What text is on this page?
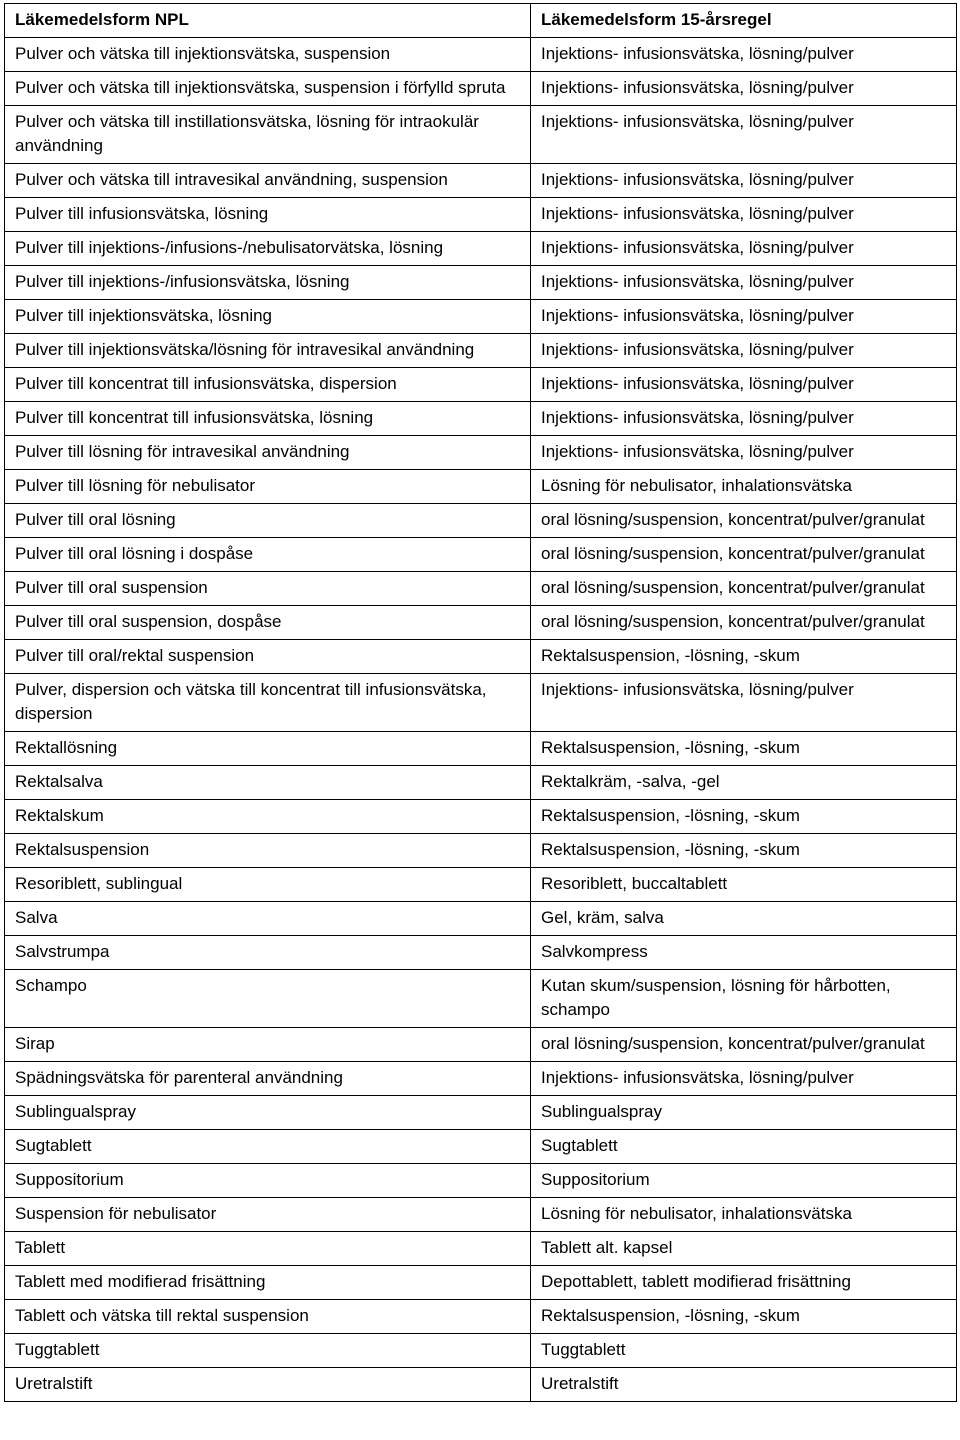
Läkemedelsform NPL	Läkemedelsform 15-årsregel

Pulver och vätska till injektionsvätska, suspension	Injektions- infusionsvätska, lösning/pulver
Pulver och vätska till injektionsvätska, suspension i förfylld spruta	Injektions- infusionsvätska, lösning/pulver
Pulver och vätska till instillationsvätska, lösning för intraokulär användning	Injektions- infusionsvätska, lösning/pulver
Pulver och vätska till intravesikal användning, suspension	Injektions- infusionsvätska, lösning/pulver
Pulver till infusionsvätska, lösning	Injektions- infusionsvätska, lösning/pulver
Pulver till injektions-/infusions-/nebulisatorvätska, lösning	Injektions- infusionsvätska, lösning/pulver
Pulver till injektions-/infusionsvätska, lösning	Injektions- infusionsvätska, lösning/pulver
Pulver till injektionsvätska, lösning	Injektions- infusionsvätska, lösning/pulver
Pulver till injektionsvätska/lösning för intravesikal användning	Injektions- infusionsvätska, lösning/pulver
Pulver till koncentrat till infusionsvätska, dispersion	Injektions- infusionsvätska, lösning/pulver
Pulver till koncentrat till infusionsvätska, lösning	Injektions- infusionsvätska, lösning/pulver
Pulver till lösning för intravesikal användning	Injektions- infusionsvätska, lösning/pulver
Pulver till lösning för nebulisator	Lösning för nebulisator, inhalationsvätska
Pulver till oral lösning	oral lösning/suspension, koncentrat/pulver/granulat
Pulver till oral lösning i dospåse	oral lösning/suspension, koncentrat/pulver/granulat
Pulver till oral suspension	oral lösning/suspension, koncentrat/pulver/granulat
Pulver till oral suspension, dospåse	oral lösning/suspension, koncentrat/pulver/granulat
Pulver till oral/rektal suspension	Rektalsuspension, -lösning, -skum
Pulver, dispersion och vätska till koncentrat till infusionsvätska, dispersion	Injektions- infusionsvätska, lösning/pulver
Rektallösning	Rektalsuspension, -lösning, -skum
Rektalsalva	Rektalkräm, -salva, -gel
Rektalskum	Rektalsuspension, -lösning, -skum
Rektalsuspension	Rektalsuspension, -lösning, -skum
Resoriblett, sublingual	Resoriblett, buccaltablett
Salva	Gel, kräm, salva
Salvstrumpa	Salvkompress
Schampo	Kutan skum/suspension, lösning för hårbotten, schampo
Sirap	oral lösning/suspension, koncentrat/pulver/granulat
Spädningsvätska för parenteral användning	Injektions- infusionsvätska, lösning/pulver
Sublingualspray	Sublingualspray
Sugtablett	Sugtablett
Suppositorium	Suppositorium
Suspension för nebulisator	Lösning för nebulisator, inhalationsvätska
Tablett	Tablett alt. kapsel
Tablett med modifierad frisättning	Depottablett, tablett modifierad frisättning
Tablett och vätska till rektal suspension	Rektalsuspension, -lösning, -skum
Tuggtablett	Tuggtablett
Uretralstift	Uretralstift
